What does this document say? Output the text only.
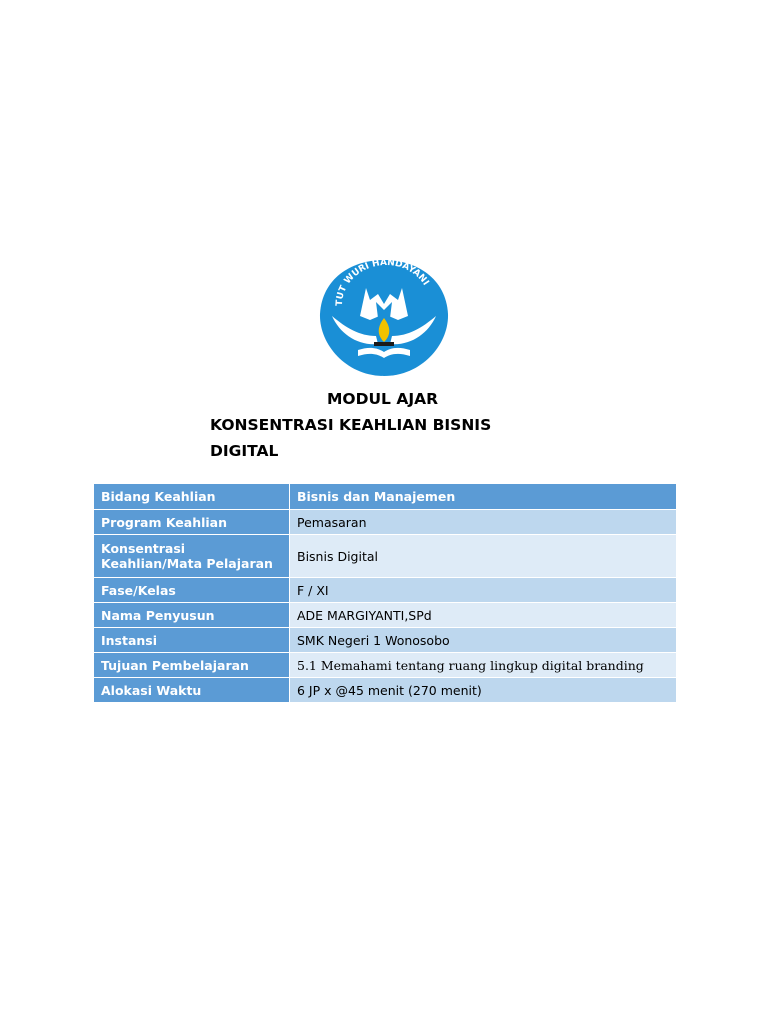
TUT WURI HANDAYANI
MODUL AJAR
KONSENTRASI KEAHLIAN BISNIS DIGITAL
Bidang Keahlian	Bisnis dan Manajemen
Program Keahlian	Pemasaran
Konsentrasi Keahlian/Mata Pelajaran	Bisnis Digital
Fase/Kelas	F / XI
Nama Penyusun	ADE MARGIYANTI,SPd
Instansi	SMK Negeri 1 Wonosobo
Tujuan Pembelajaran	5.1 Memahami tentang ruang lingkup digital branding
Alokasi Waktu	6 JP x @45 menit (270 menit)
